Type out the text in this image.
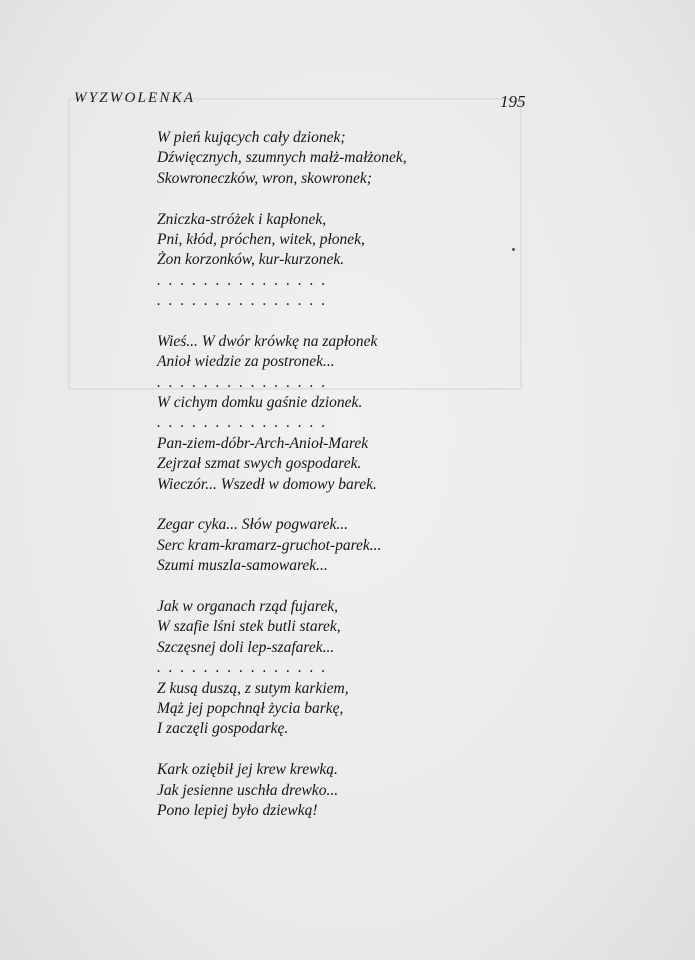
WYZWOLENKA	195
W pień kujących cały dzionek;
Dźwięcznych, szumnych małż-małżonek,
Skowroneczków, wron, skowronek;
Zniczka-stróżek i kapłonek,
Pni, kłód, próchen, witek, płonek,
Żon korzonków, kur-kurzonek.
. . . . . . . . . . . . . . .
. . . . . . . . . . . . . . .
Wieś... W dwór krówkę na zapłonek
Anioł wiedzie za postronek...
. . . . . . . . . . . . . . .
W cichym domku gaśnie dzionek.
. . . . . . . . . . . . . . .
Pan-ziem-dóbr-Arch-Anioł-Marek
Zejrzał szmat swych gospodarek.
Wieczór... Wszedł w domowy barek.
Zegar cyka... Słów pogwarek...
Serc kram-kramarz-gruchot-parek...
Szumi muszla-samowarek...
Jak w organach rząd fujarek,
W szafie lśni stek butli starek,
Szczęsnej doli lep-szafarek...
. . . . . . . . . . . . . . .
Z kusą duszą, z sutym karkiem,
Mąż jej popchnął życia barkę,
I zaczęli gospodarkę.
Kark oziębił jej krew krewką.
Jak jesienne uschła drewko...
Pono lepiej było dziewką!
